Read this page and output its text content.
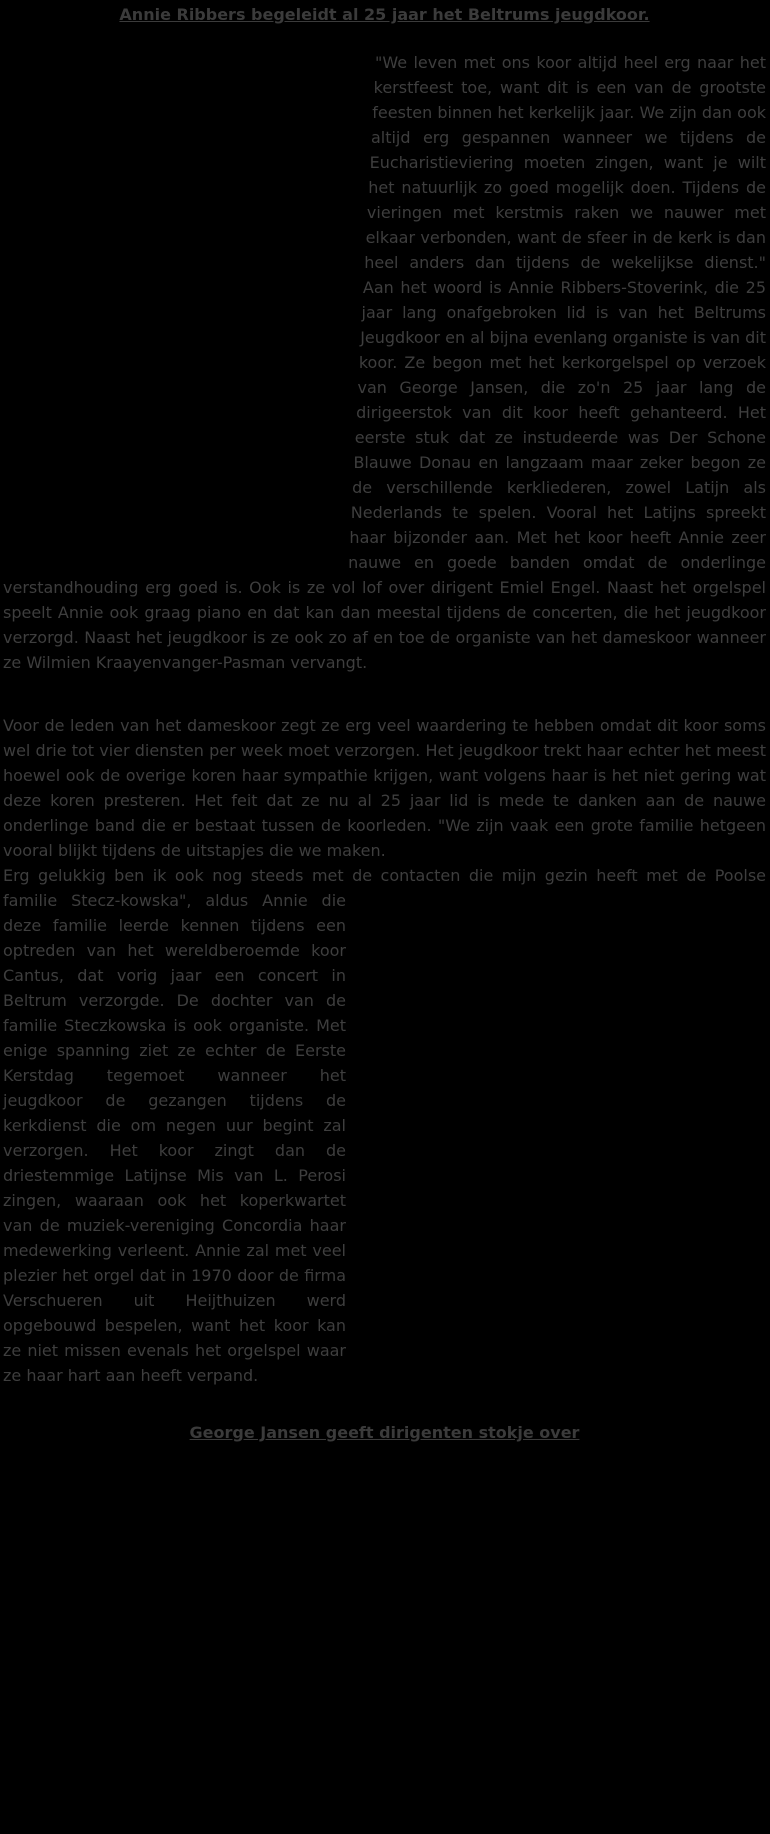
Annie Ribbers begeleidt al 25 jaar het Beltrums jeugdkoor.

"We leven met ons koor altijd heel erg naar het kerstfeest toe, want dit is een van de grootste feesten binnen het kerkelijk jaar. We zijn dan ook altijd erg gespannen wanneer we tijdens de Eucharistieviering moeten zingen, want je wilt het natuurlijk zo goed mogelijk doen. Tijdens de vieringen met kerstmis raken we nauwer met elkaar verbonden, want de sfeer in de kerk is dan heel anders dan tijdens de wekelijkse dienst." Aan het woord is Annie Ribbers-Stoverink, die 25 jaar lang onafgebroken lid is van het Beltrums Jeugdkoor en al bijna evenlang organiste is van dit koor. Ze begon met het kerkorgelspel op verzoek van George Jansen, die zo'n 25 jaar lang de dirigeerstok van dit koor heeft gehanteerd. Het eerste stuk dat ze instudeerde was Der Schone Blauwe Donau en langzaam maar zeker begon ze de verschillende kerkliederen, zowel Latijn als Nederlands te spelen. Vooral het Latijns spreekt haar bijzonder aan. Met het koor heeft Annie zeer nauwe en goede banden omdat de onderlinge verstandhouding erg goed is. Ook is ze vol lof over dirigent Emiel Engel. Naast het orgelspel speelt Annie ook graag piano en dat kan dan meestal tijdens de concerten, die het jeugdkoor verzorgd. Naast het jeugdkoor is ze ook zo af en toe de organiste van het dameskoor wanneer ze Wilmien Kraayenvanger-Pasman vervangt.

Voor de leden van het dameskoor zegt ze erg veel waardering te hebben omdat dit koor soms wel drie tot vier diensten per week moet verzorgen. Het jeugdkoor trekt haar echter het meest hoewel ook de overige koren haar sympathie krijgen, want volgens haar is het niet gering wat deze koren presteren. Het feit dat ze nu al 25 jaar lid is mede te danken aan de nauwe onderlinge band die er bestaat tussen de koorleden. "We zijn vaak een grote familie hetgeen vooral blijkt tijdens de uitstapjes die we maken.

Erg gelukkig ben ik ook nog steeds met de contacten die mijn gezin heeft met de Poolse familie Stecz-kowska", aldus Annie die deze familie leerde kennen tijdens een optreden van het wereldberoemde koor Cantus, dat vorig jaar een concert in Beltrum verzorgde. De dochter van de familie Steczkowska is ook organiste. Met enige spanning ziet ze echter de Eerste Kerstdag tegemoet wanneer het jeugdkoor de gezangen tijdens de kerkdienst die om negen uur begint zal verzorgen. Het koor zingt dan de driestemmige Latijnse Mis van L. Perosi zingen, waaraan ook het koperkwartet van de muziek-vereniging Concordia haar medewerking verleent. Annie zal met veel plezier het orgel dat in 1970 door de firma Verschueren uit Heijthuizen werd opgebouwd bespelen, want het koor kan ze niet missen evenals het orgelspel waar ze haar hart aan heeft verpand.

George Jansen geeft dirigenten stokje over
